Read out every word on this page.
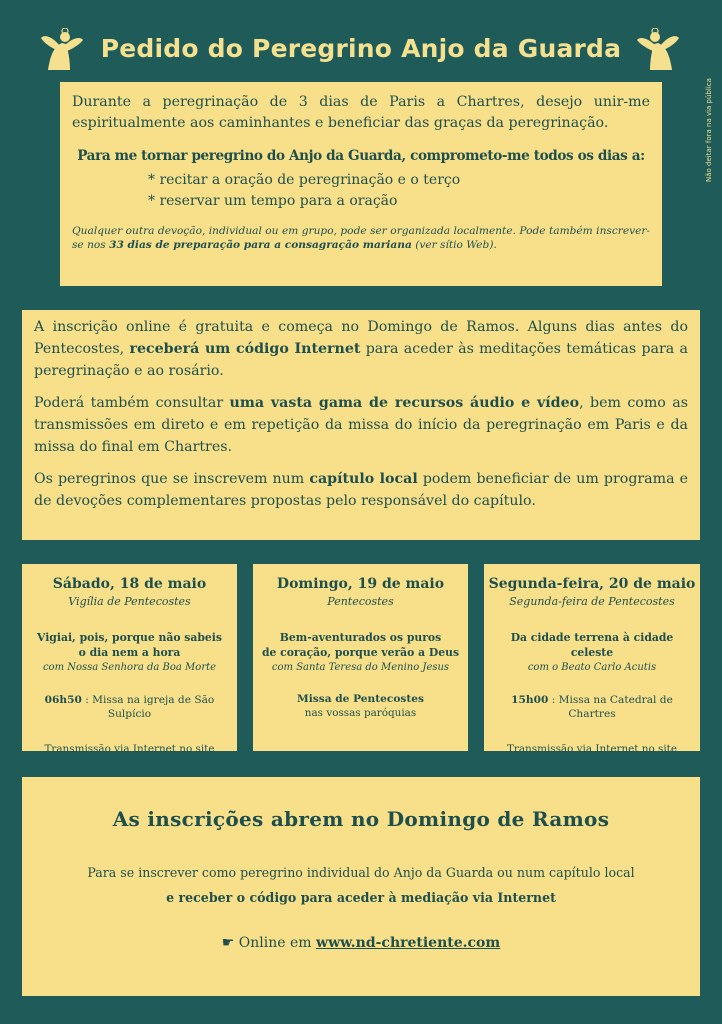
Pedido do Peregrino Anjo da Guarda
Não deitar fora na via pública

Durante a peregrinação de 3 dias de Paris a Chartres, desejo unir-me espiritualmente aos caminhantes e beneficiar das graças da peregrinação.

Para me tornar peregrino do Anjo da Guarda, comprometo-me todos os dias a:

* recitar a oração de peregrinação e o terço

* reservar um tempo para a oração

Qualquer outra devoção, individual ou em grupo, pode ser organizada localmente. Pode também inscrever-se nos 33 dias de preparação para a consagração mariana (ver sítio Web).

A inscrição online é gratuita e começa no Domingo de Ramos. Alguns dias antes do Pentecostes, receberá um código Internet para aceder às meditações temáticas para a peregrinação e ao rosário.

Poderá também consultar uma vasta gama de recursos áudio e vídeo, bem como as transmissões em direto e em repetição da missa do início da peregrinação em Paris e da missa do final em Chartres.

Os peregrinos que se inscrevem num capítulo local podem beneficiar de um programa e de devoções complementares propostas pelo responsável do capítulo.

Sábado, 18 de maio

Vigília de Pentecostes

Vigiai, pois, porque não sabeis
o dia nem a hora

com Nossa Senhora da Boa Morte

06h50 : Missa na igreja de São Sulpício

Transmissão via Internet no site

Domingo, 19 de maio

Pentecostes

Bem-aventurados os puros
de coração, porque verão a Deus

com Santa Teresa do Menino Jesus

Missa de Pentecostes

nas vossas paróquias

Segunda-feira, 20 de maio

Segunda-feira de Pentecostes

Da cidade terrena à cidade celeste

com o Beato Carlo Acutis

15h00 : Missa na Catedral de Chartres

Transmissão via Internet no site

As inscrições abrem no Domingo de Ramos

Para se inscrever como peregrino individual do Anjo da Guarda ou num capítulo local

e receber o código para aceder à mediação via Internet

☛ Online em www.nd-chretiente.com
